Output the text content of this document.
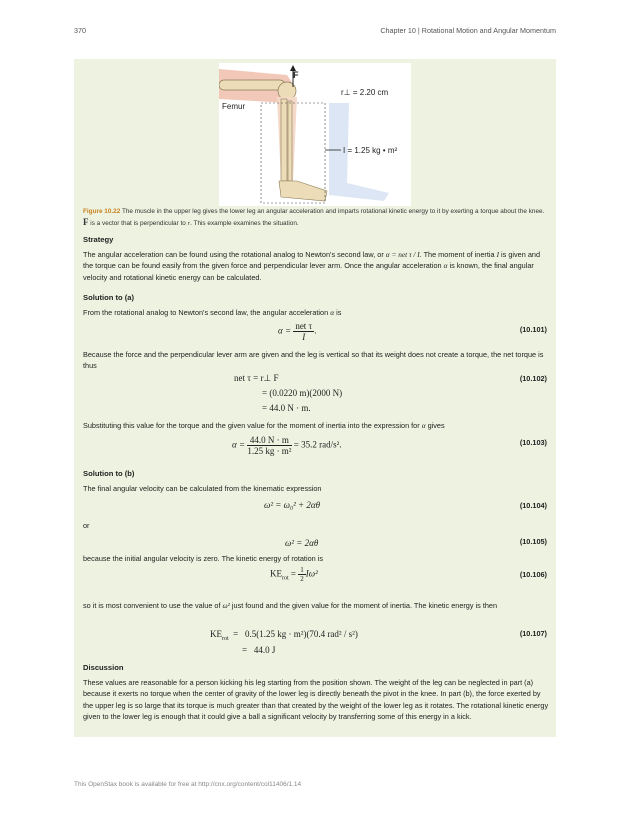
370	Chapter 10 | Rotational Motion and Angular Momentum
F
r⊥ = 2.20 cm
Femur
I = 1.25 kg • m²
Figure 10.22 The muscle in the upper leg gives the lower leg an angular acceleration and imparts rotational kinetic energy to it by exerting a torque about the knee. F is a vector that is perpendicular to r. This example examines the situation.
Strategy
The angular acceleration can be found using the rotational analog to Newton's second law, or α = net τ / I. The moment of inertia I is given and the torque can be found easily from the given force and perpendicular lever arm. Once the angular acceleration α is known, the final angular velocity and rotational kinetic energy can be calculated.
Solution to (a)
From the rotational analog to Newton's second law, the angular acceleration α is
$\alpha = \frac{\text{net τ}}{I}$ .	(10.101)
Because the force and the perpendicular lever arm are given and the leg is vertical so that its weight does not create a torque, the net torque is thus
net τ = r⊥ F
= (0.0220 m)(2000 N)
= 44.0 N · m.
(10.102)
Substituting this value for the torque and the given value for the moment of inertia into the expression for α gives
$\alpha = \frac{44.0 N \cdot m}{\text{1.25 kg · m²}} = 35.2$ rad/s².	(10.103)
Solution to (b)
The final angular velocity can be calculated from the kinematic expression
ω² = ω₀² + 2αθ	(10.104)
or
ω² = 2αθ	(10.105)
because the initial angular velocity is zero. The kinetic energy of rotation is
$KE_{rot} = \frac{1}{2} I\omega^2$	(10.106)
so it is most convenient to use the value of ω² just found and the given value for the moment of inertia. The kinetic energy is then
$KE_{rot} = 0.5(1.25$ kg · m²)(70.4 rad² / s²)
=   44.0 J
(10.107)
Discussion
These values are reasonable for a person kicking his leg starting from the position shown. The weight of the leg can be neglected in part (a) because it exerts no torque when the center of gravity of the lower leg is directly beneath the pivot in the knee. In part (b), the force exerted by the upper leg is so large that its torque is much greater than that created by the weight of the lower leg as it rotates. The rotational kinetic energy given to the lower leg is enough that it could give a ball a significant velocity by transferring some of this energy in a kick.
This OpenStax book is available for free at http://cnx.org/content/col11406/1.14
